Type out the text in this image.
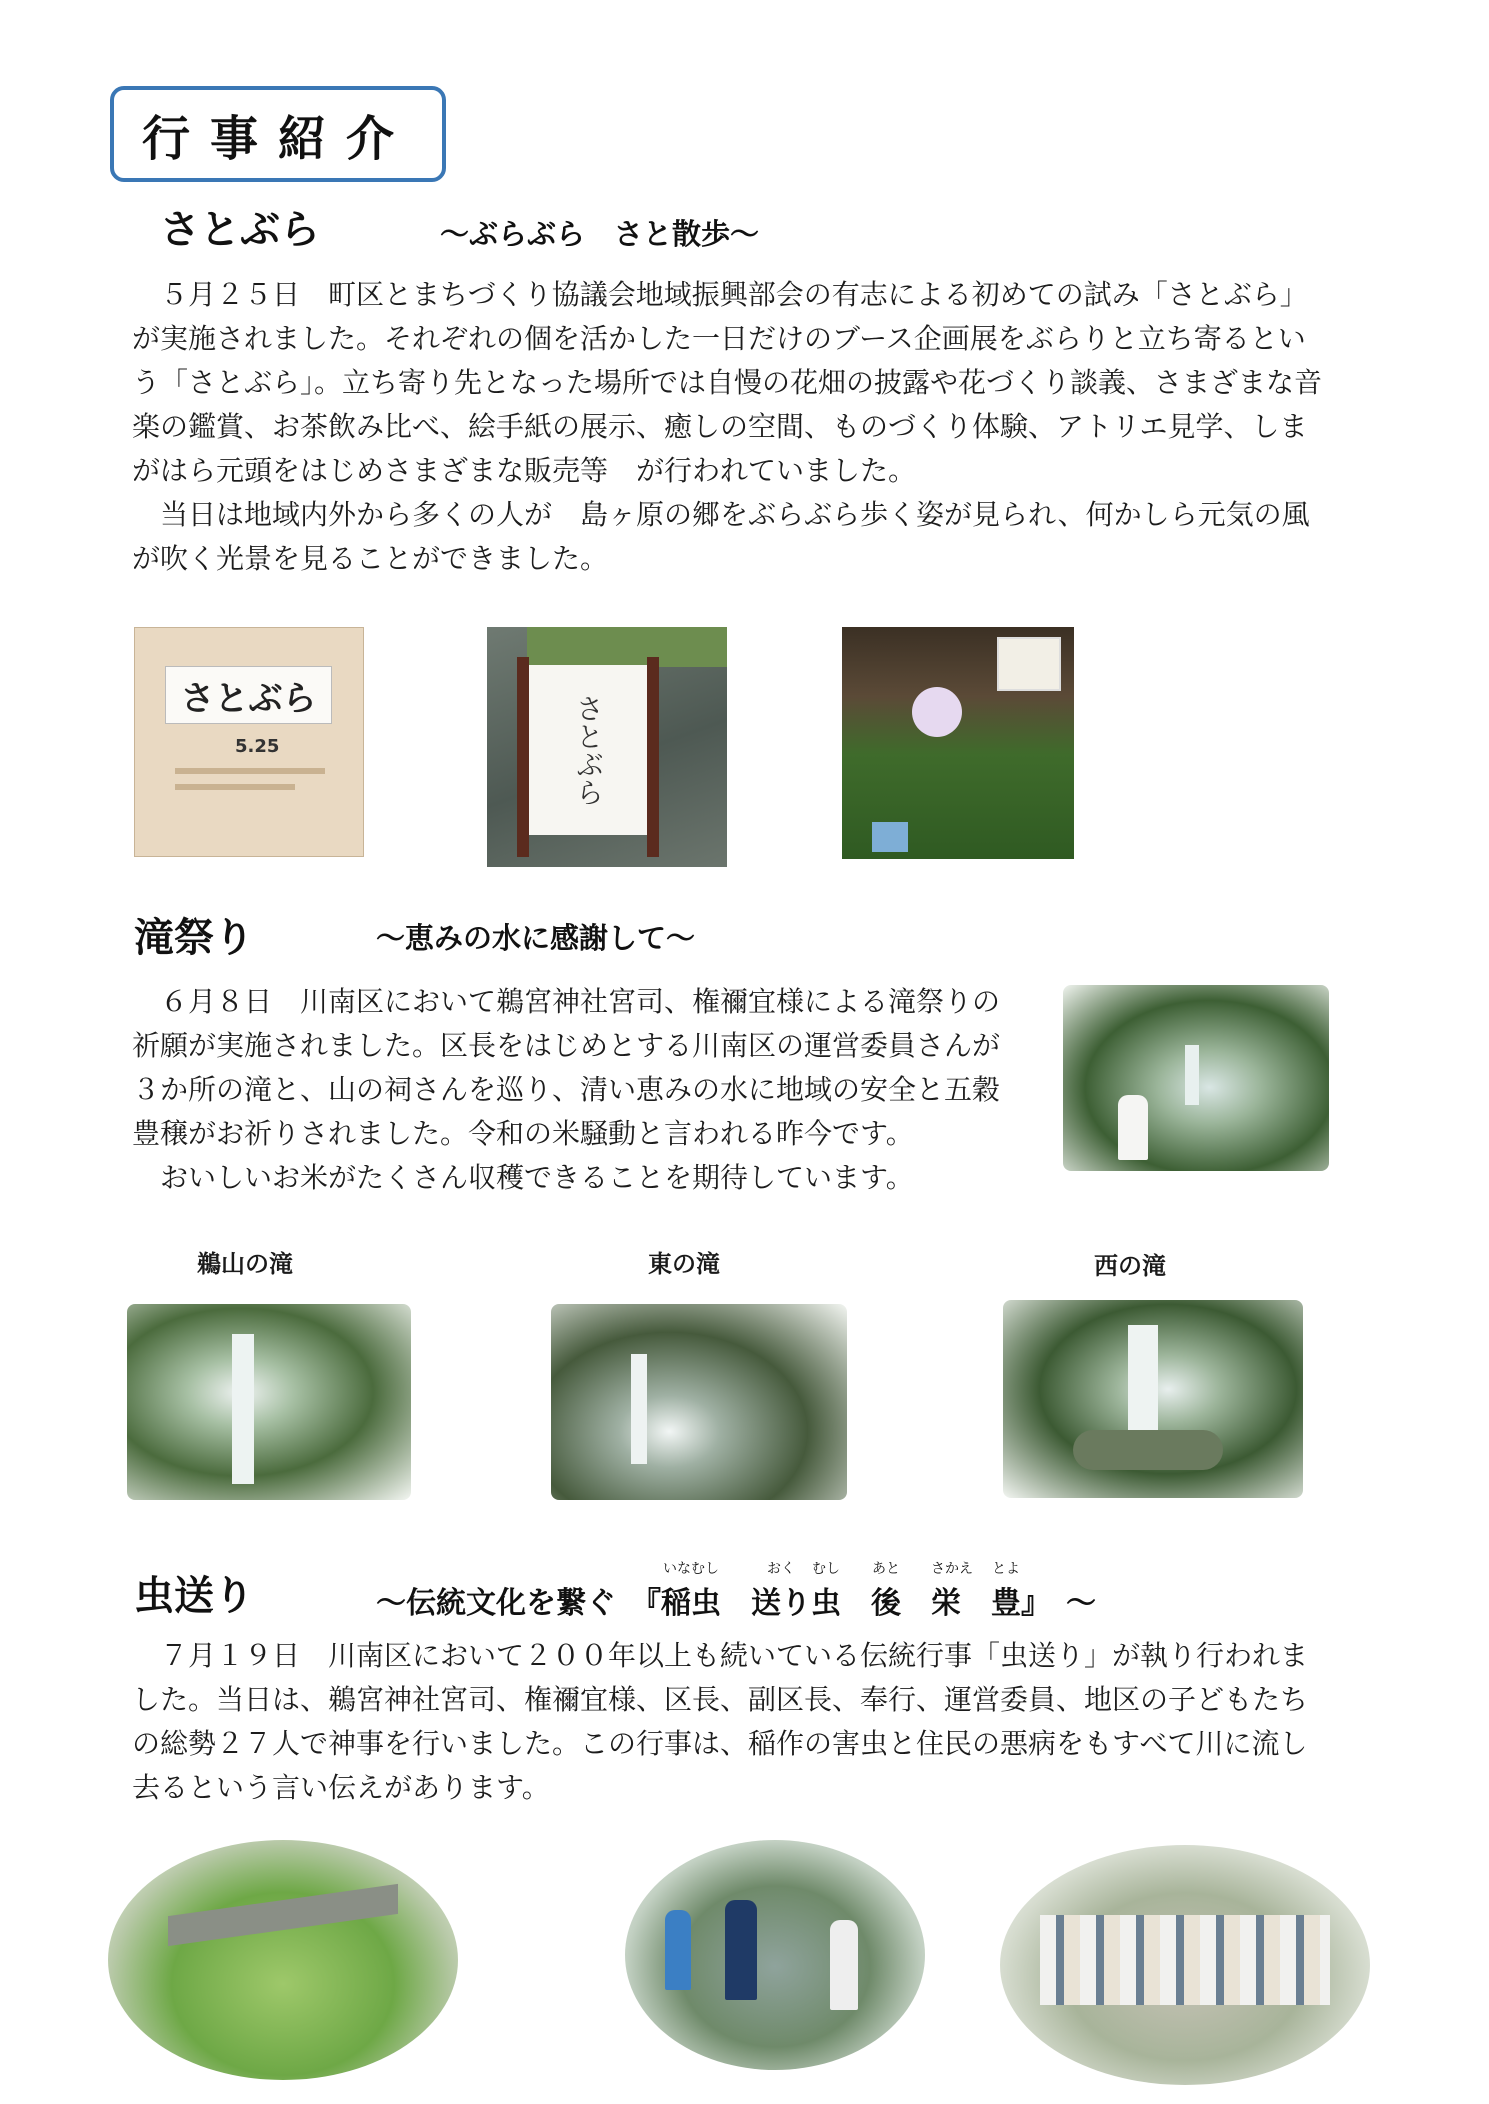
行事紹介
さとぶら	～ぶらぶら　さと散歩～

５月２５日　町区とまちづくり協議会地域振興部会の有志による初めての試み「さとぶら」が実施されました。それぞれの個を活かした一日だけのブース企画展をぶらりと立ち寄るという「さとぶら」。立ち寄り先となった場所では自慢の花畑の披露や花づくり談義、さまざまな音楽の鑑賞、お茶飲み比べ、絵手紙の展示、癒しの空間、ものづくり体験、アトリエ見学、しまがはら元頭をはじめさまざまな販売等　が行われていました。

当日は地域内外から多くの人が　島ヶ原の郷をぶらぶら歩く姿が見られ、何かしら元気の風が吹く光景を見ることができました。

さとぶら
5.25	さとぶら
滝祭り	～恵みの水に感謝して～

６月８日　川南区において鵜宮神社宮司、権禰宜様による滝祭りの祈願が実施されました。区長をはじめとする川南区の運営委員さんが３か所の滝と、山の祠さんを巡り、清い恵みの水に地域の安全と五穀豊穣がお祈りされました。令和の米騒動と言われる昨今です。

おいしいお米がたくさん収穫できることを期待しています。

鵜山の滝	東の滝	西の滝
虫送り	～伝統文化を繋ぐ　『
いなむし
稲虫　
おく
送り
むし
虫　
あと
後　
さかえ
栄　
とよ
豊』　～

７月１９日　川南区において２００年以上も続いている伝統行事「虫送り」が執り行われました。当日は、鵜宮神社宮司、権禰宜様、区長、副区長、奉行、運営委員、地区の子どもたちの総勢２７人で神事を行いました。この行事は、稲作の害虫と住民の悪病をもすべて川に流し去るという言い伝えがあります。
